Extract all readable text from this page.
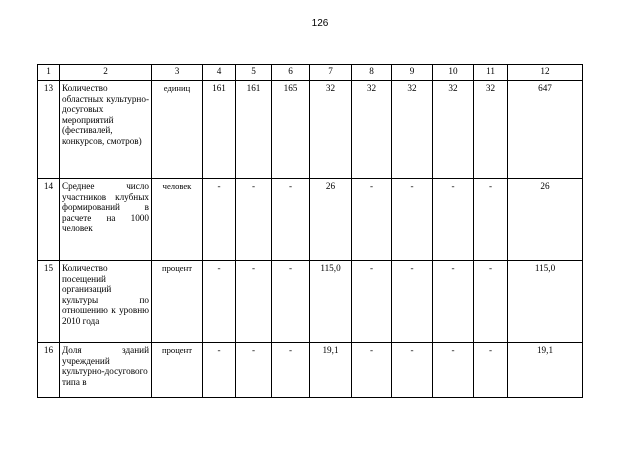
126
1	2	3	4	5	6	7	8	9	10	11	12
13	Количество областных культурно-досуговых мероприятий (фестивалей, конкурсов, смотров)	единиц	161	161	165	32	32	32	32	32	647
14	Среднее число участников клубных формирований в расчете на 1000 человек	человек	-	-	-	26	-	-	-	-	26
15	Количество посещений организаций культуры по отношению к уровню 2010 года	процент	-	-	-	115,0	-	-	-	-	115,0
16	Доля зданий учреждений культурно-досугового типа в	процент	-	-	-	19,1	-	-	-	-	19,1
